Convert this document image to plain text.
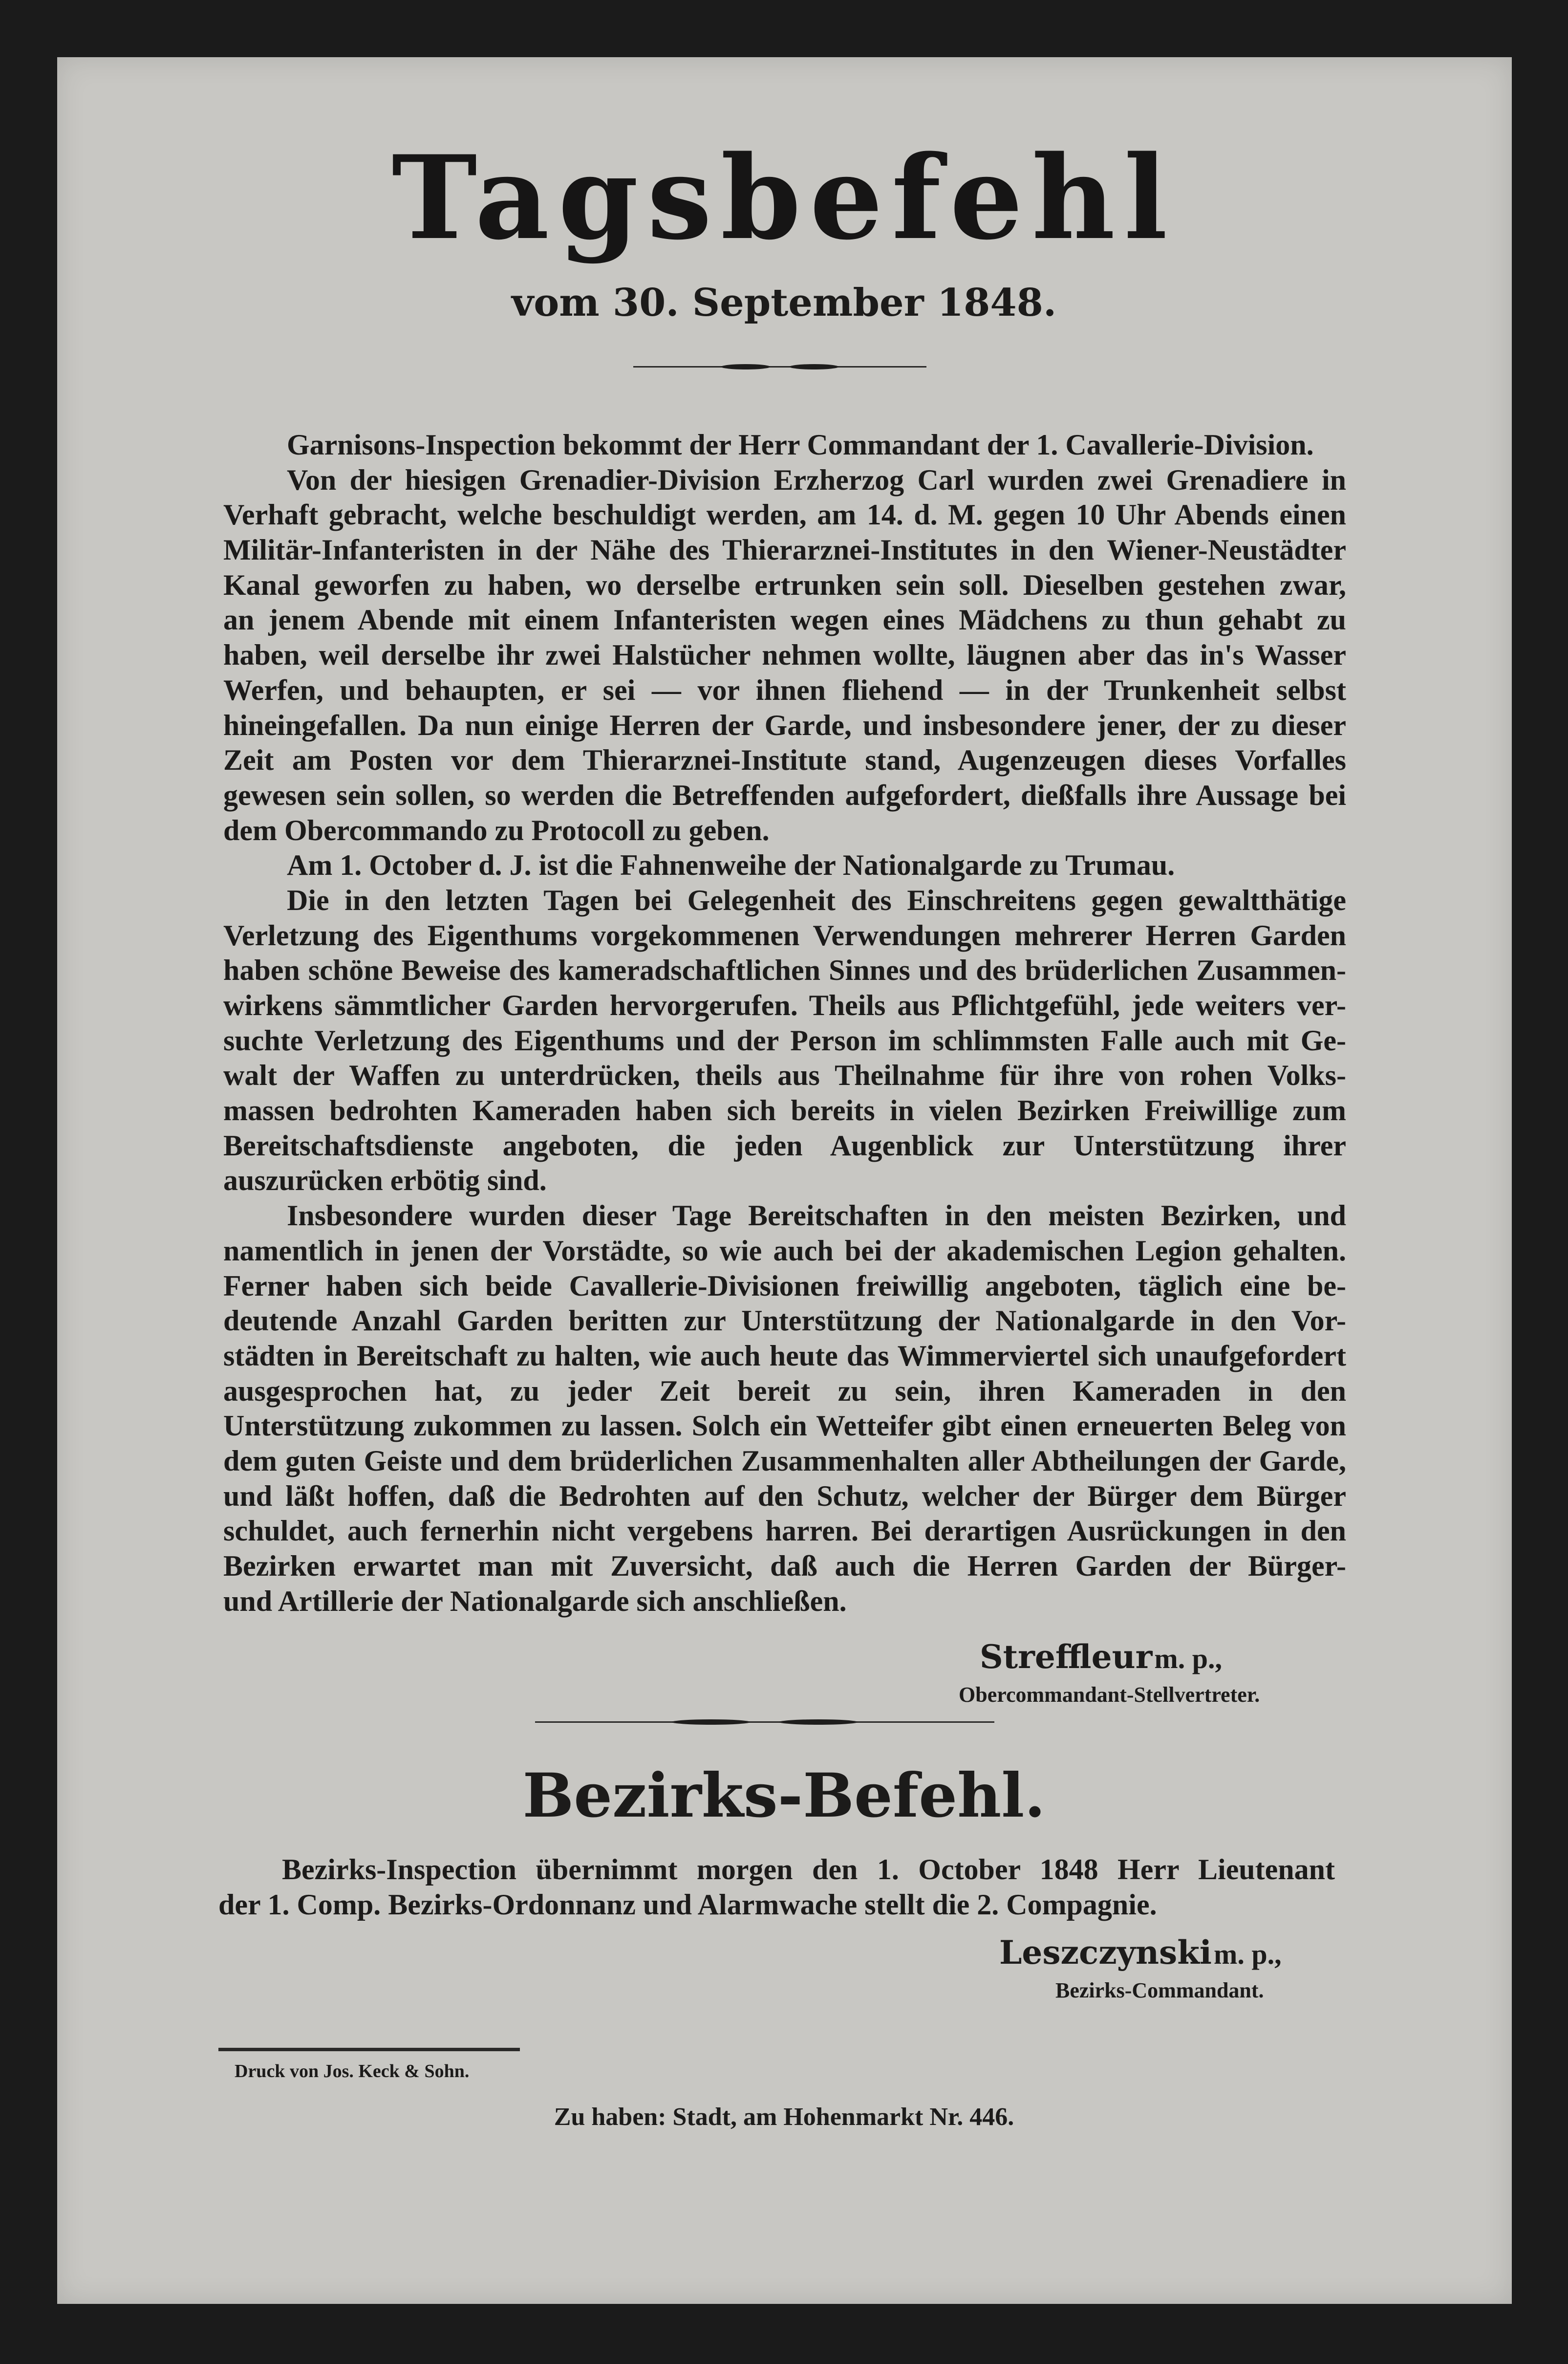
Tagsbefehl
vom 30. September 1848.
Garnisons-Inspection bekommt der Herr Commandant der 1. Cavallerie-Division.
Von der hiesigen Grenadier-Division Erzherzog Carl wurden zwei Grenadiere in
Verhaft gebracht, welche beschuldigt werden, am 14. d. M. gegen 10 Uhr Abends einen
Militär-Infanteristen in der Nähe des Thierarznei-Institutes in den Wiener-Neustädter
Kanal geworfen zu haben, wo derselbe ertrunken sein soll. Dieselben gestehen zwar,
an jenem Abende mit einem Infanteristen wegen eines Mädchens zu thun gehabt zu
haben, weil derselbe ihr zwei Halstücher nehmen wollte, läugnen aber das in's Wasser
Werfen, und behaupten, er sei — vor ihnen fliehend — in der Trunkenheit selbst
hineingefallen. Da nun einige Herren der Garde, und insbesondere jener, der zu dieser
Zeit am Posten vor dem Thierarznei-Institute stand, Augenzeugen dieses Vorfalles
gewesen sein sollen, so werden die Betreffenden aufgefordert, dießfalls ihre Aussage bei
dem Obercommando zu Protocoll zu geben.
Am 1. October d. J. ist die Fahnenweihe der Nationalgarde zu Trumau.
Die in den letzten Tagen bei Gelegenheit des Einschreitens gegen gewaltthätige
Verletzung des Eigenthums vorgekommenen Verwendungen mehrerer Herren Garden
haben schöne Beweise des kameradschaftlichen Sinnes und des brüderlichen Zusammen-
wirkens sämmtlicher Garden hervorgerufen. Theils aus Pflichtgefühl, jede weiters ver-
suchte Verletzung des Eigenthums und der Person im schlimmsten Falle auch mit Ge-
walt der Waffen zu unterdrücken, theils aus Theilnahme für ihre von rohen Volks-
massen bedrohten Kameraden haben sich bereits in vielen Bezirken Freiwillige zum
Bereitschaftsdienste angeboten, die jeden Augenblick zur Unterstützung ihrer
auszurücken erbötig sind.
Insbesondere wurden dieser Tage Bereitschaften in den meisten Bezirken, und
namentlich in jenen der Vorstädte, so wie auch bei der akademischen Legion gehalten.
Ferner haben sich beide Cavallerie-Divisionen freiwillig angeboten, täglich eine be-
deutende Anzahl Garden beritten zur Unterstützung der Nationalgarde in den Vor-
städten in Bereitschaft zu halten, wie auch heute das Wimmerviertel sich unaufgefordert
ausgesprochen hat, zu jeder Zeit bereit zu sein, ihren Kameraden in den
Unterstützung zukommen zu lassen. Solch ein Wetteifer gibt einen erneuerten Beleg von
dem guten Geiste und dem brüderlichen Zusammenhalten aller Abtheilungen der Garde,
und läßt hoffen, daß die Bedrohten auf den Schutz, welcher der Bürger dem Bürger
schuldet, auch fernerhin nicht vergebens harren. Bei derartigen Ausrückungen in den
Bezirken erwartet man mit Zuversicht, daß auch die Herren Garden der Bürger-
und Artillerie der Nationalgarde sich anschließen.
Streffleur m. p.,
Obercommandant-Stellvertreter.
Bezirks-Befehl.
Bezirks-Inspection übernimmt morgen den 1. October 1848 Herr Lieutenant
der 1. Comp. Bezirks-Ordonnanz und Alarmwache stellt die 2. Compagnie.
Leszczynski m. p.,
Bezirks-Commandant.
Druck von Jos. Keck & Sohn.
Zu haben: Stadt, am Hohenmarkt Nr. 446.
